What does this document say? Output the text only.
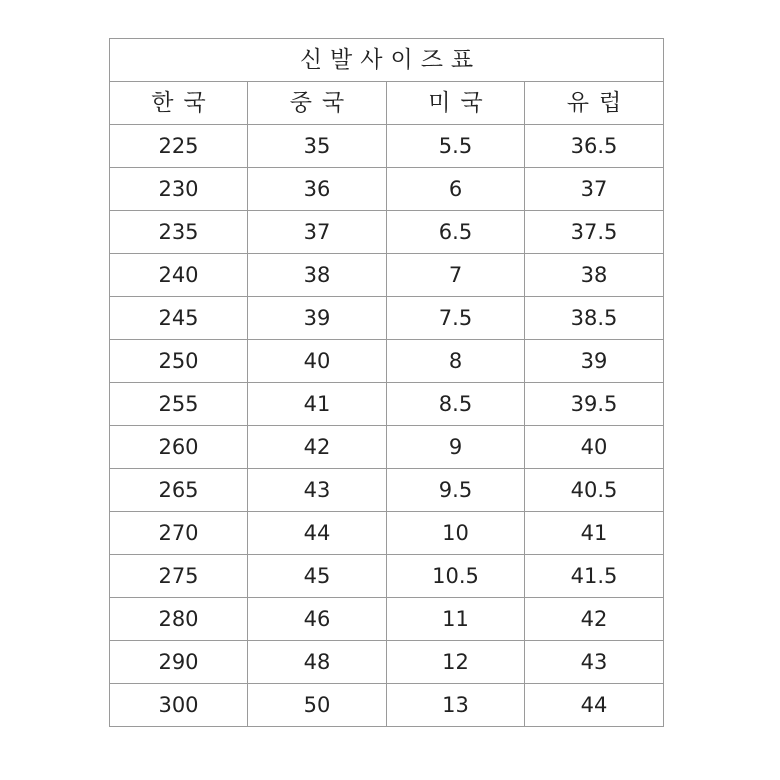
신발사이즈표			
한국	중국	미국	유럽
225	35	5.5	36.5
230	36	6	37
235	37	6.5	37.5
240	38	7	38
245	39	7.5	38.5
250	40	8	39
255	41	8.5	39.5
260	42	9	40
265	43	9.5	40.5
270	44	10	41
275	45	10.5	41.5
280	46	11	42
290	48	12	43
300	50	13	44
